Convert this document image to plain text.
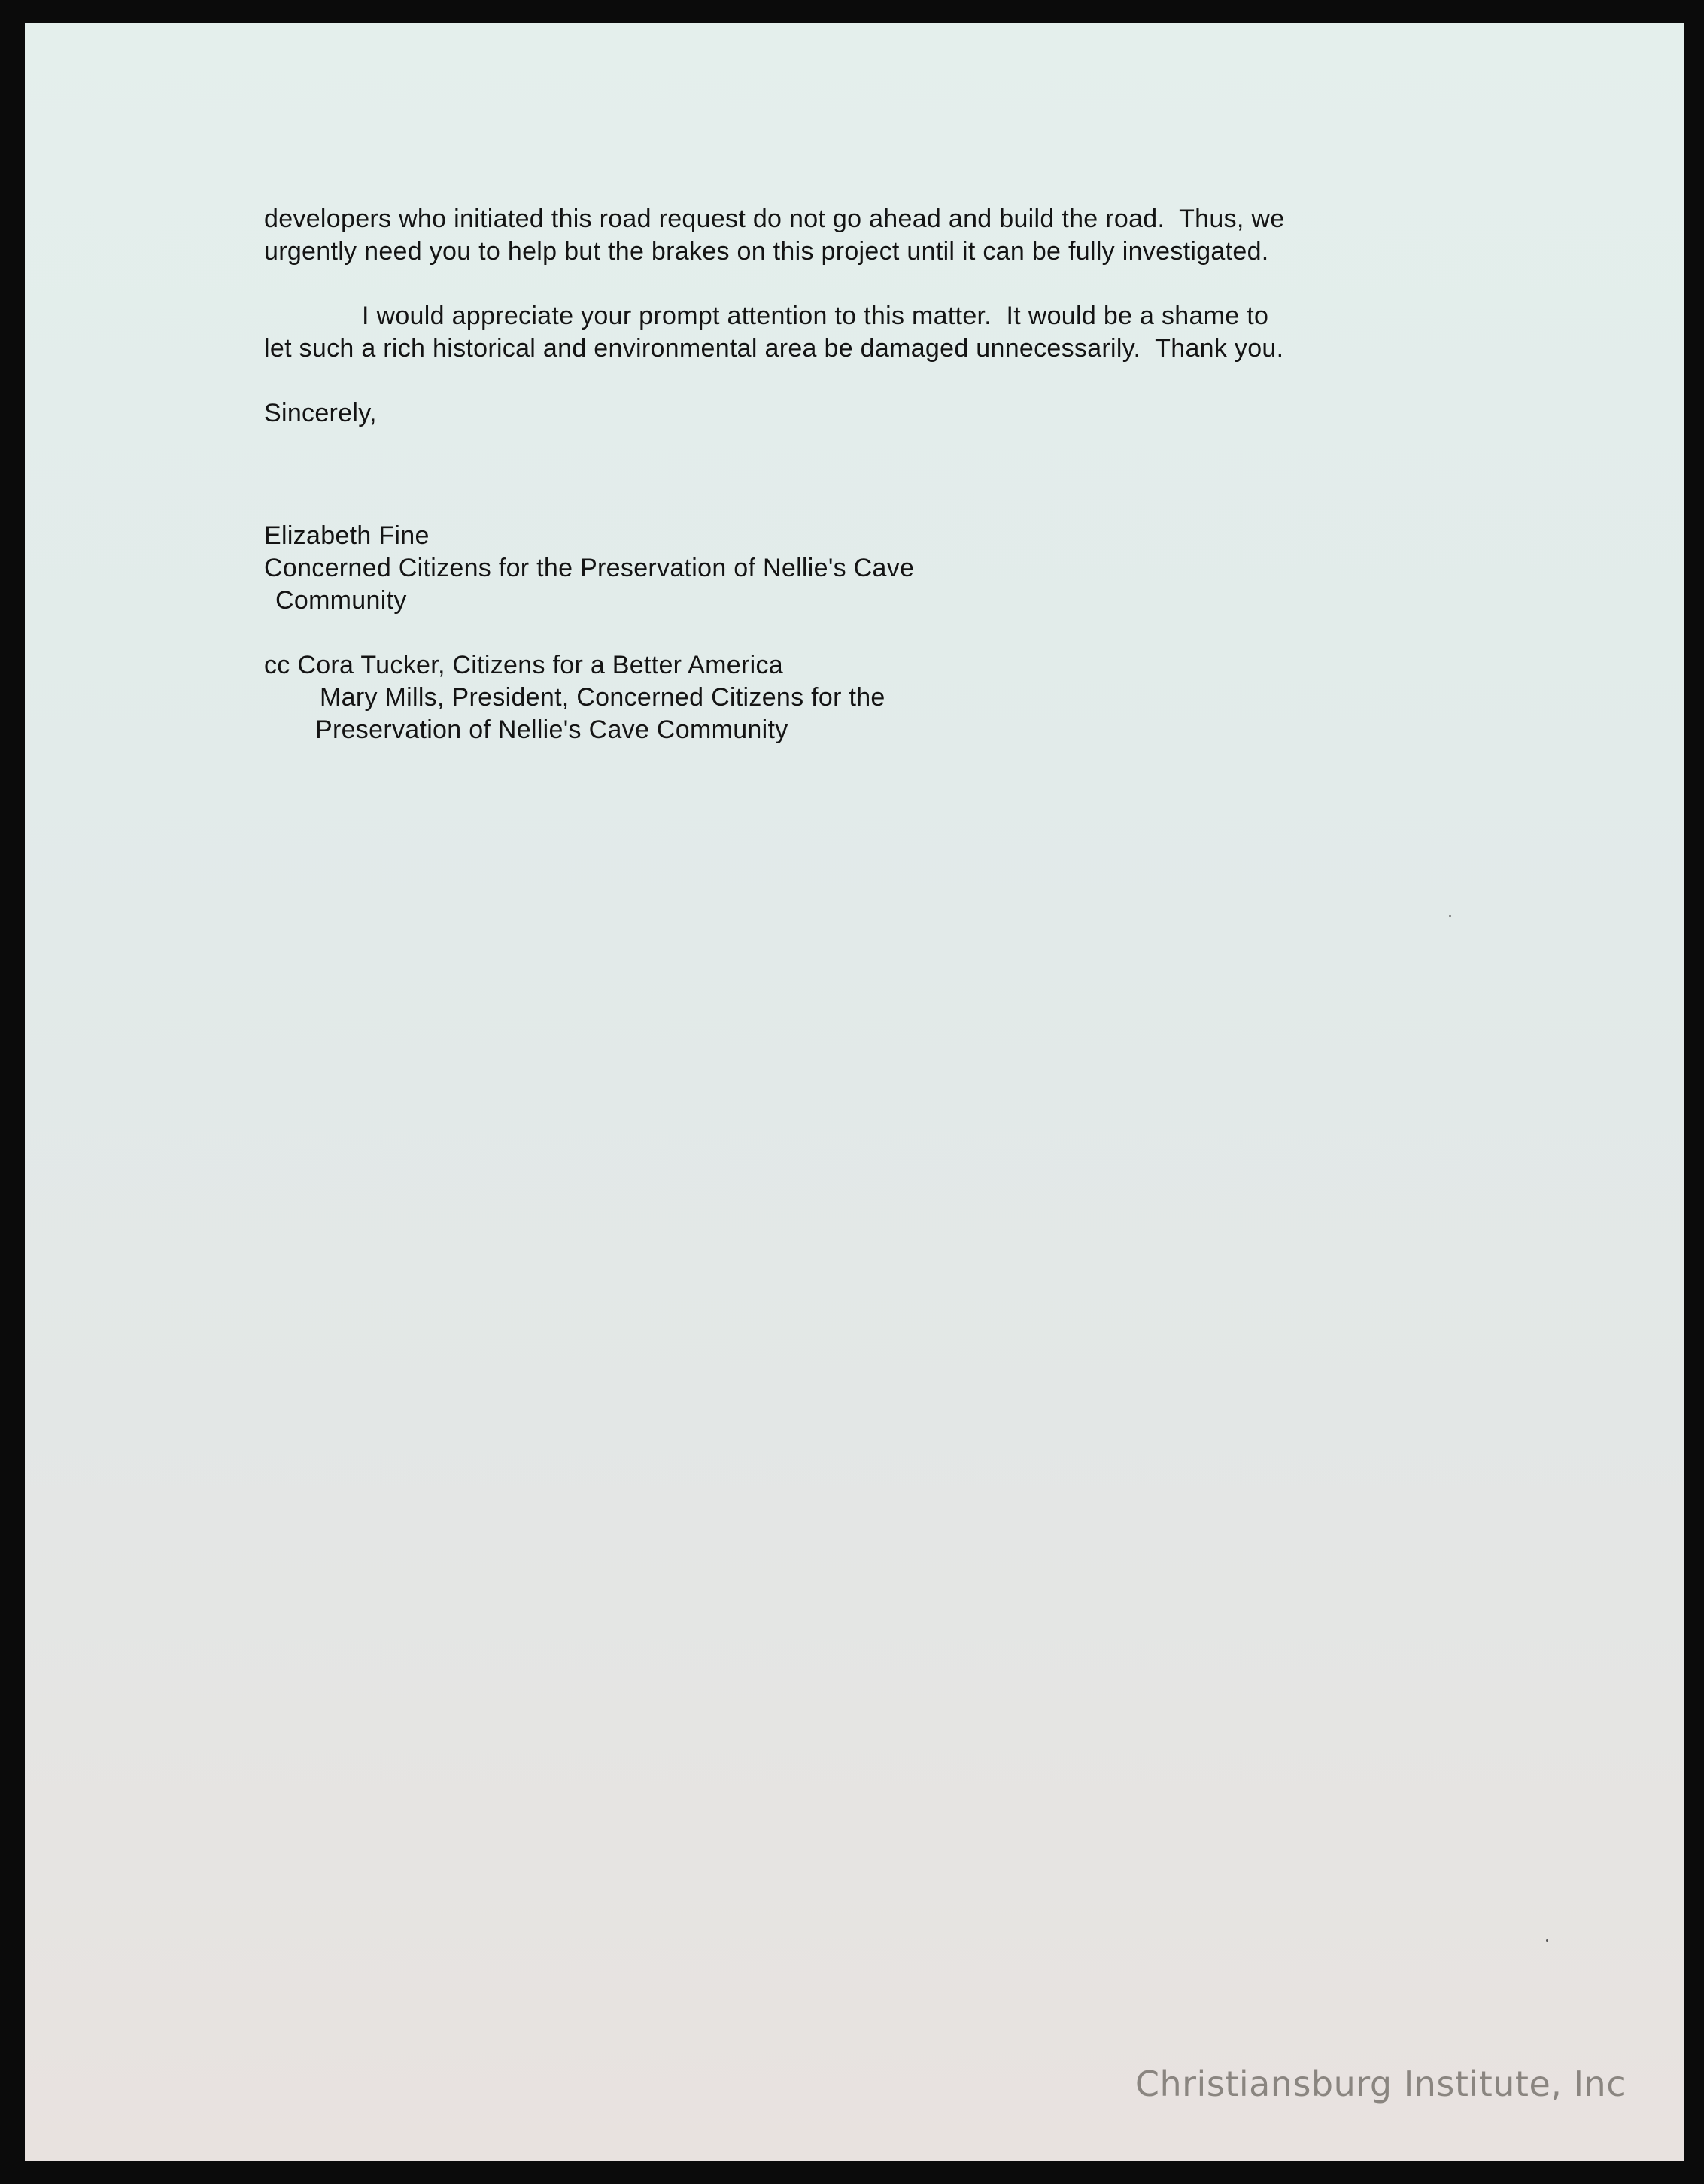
developers who initiated this road request do not go ahead and build the road.  Thus, we
urgently need you to help but the brakes on this project until it can be fully investigated.
I would appreciate your prompt attention to this matter.  It would be a shame to
let such a rich historical and environmental area be damaged unnecessarily.  Thank you.
Sincerely,
Elizabeth Fine
Concerned Citizens for the Preservation of Nellie's Cave
Community
cc Cora Tucker, Citizens for a Better America
Mary Mills, President, Concerned Citizens for the
Preservation of Nellie's Cave Community
Christiansburg Institute, Inc
